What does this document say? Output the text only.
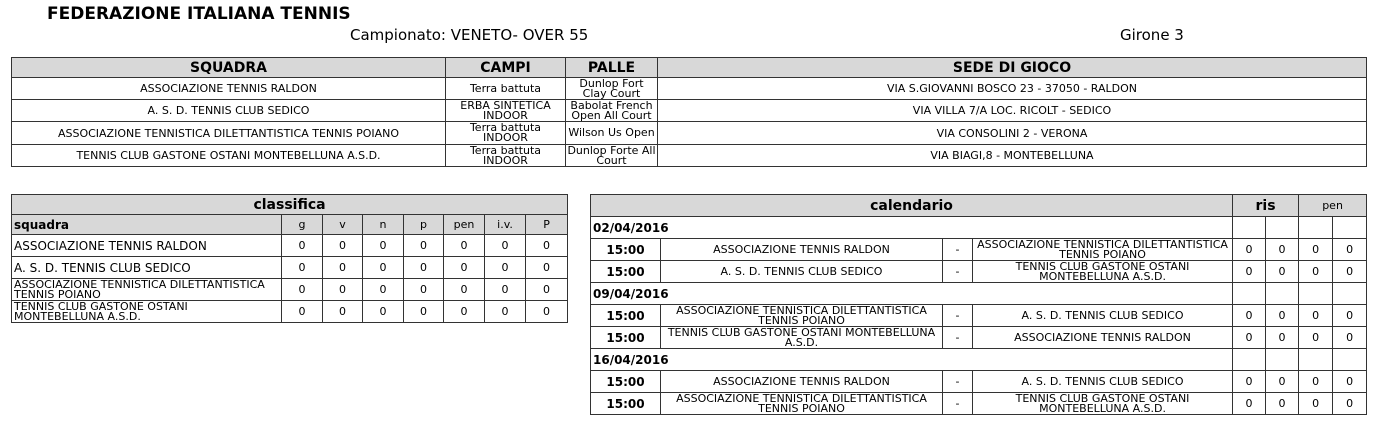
FEDERAZIONE ITALIANA TENNIS
Campionato: VENETO- OVER 55	Girone 3
SQUADRA	CAMPI	PALLE	SEDE DI GIOCO
ASSOCIAZIONE TENNIS RALDON	Terra battuta	Dunlop Fort Clay Court	VIA S.GIOVANNI BOSCO 23 - 37050 - RALDON
A. S. D. TENNIS CLUB SEDICO	ERBA SINTETICA INDOOR	Babolat French Open All Court	VIA VILLA 7/A LOC. RICOLT - SEDICO
ASSOCIAZIONE TENNISTICA DILETTANTISTICA TENNIS POIANO	Terra battuta INDOOR	Wilson Us Open	VIA CONSOLINI 2 - VERONA
TENNIS CLUB GASTONE OSTANI MONTEBELLUNA A.S.D.	Terra battuta INDOOR	Dunlop Forte All Court	VIA BIAGI,8 - MONTEBELLUNA
classifica							
squadra	g	v	n	p	pen	i.v.	P
ASSOCIAZIONE TENNIS RALDON	0	0	0	0	0	0	0
A. S. D. TENNIS CLUB SEDICO	0	0	0	0	0	0	0
ASSOCIAZIONE TENNISTICA DILETTANTISTICA TENNIS POIANO	0	0	0	0	0	0	0
TENNIS CLUB GASTONE OSTANI MONTEBELLUNA A.S.D.	0	0	0	0	0	0	0
calendario				ris		pen	
02/04/2016							
15:00	ASSOCIAZIONE TENNIS RALDON	-	ASSOCIAZIONE TENNISTICA DILETTANTISTICA TENNIS POIANO	0	0	0	0
15:00	A. S. D. TENNIS CLUB SEDICO	-	TENNIS CLUB GASTONE OSTANI MONTEBELLUNA A.S.D.	0	0	0	0
09/04/2016							
15:00	ASSOCIAZIONE TENNISTICA DILETTANTISTICA TENNIS POIANO	-	A. S. D. TENNIS CLUB SEDICO	0	0	0	0
15:00	TENNIS CLUB GASTONE OSTANI MONTEBELLUNA A.S.D.	-	ASSOCIAZIONE TENNIS RALDON	0	0	0	0
16/04/2016							
15:00	ASSOCIAZIONE TENNIS RALDON	-	A. S. D. TENNIS CLUB SEDICO	0	0	0	0
15:00	ASSOCIAZIONE TENNISTICA DILETTANTISTICA TENNIS POIANO	-	TENNIS CLUB GASTONE OSTANI MONTEBELLUNA A.S.D.	0	0	0	0
